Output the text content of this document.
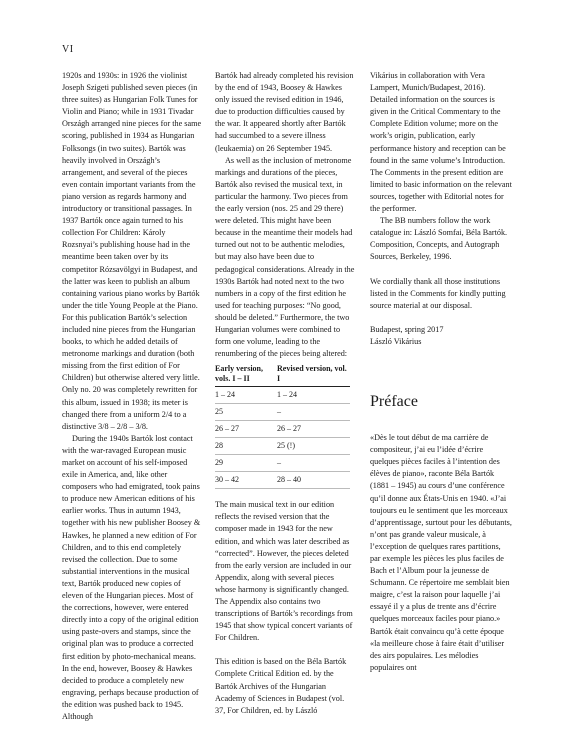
VI

1920s and 1930s: in 1926 the violinist Joseph Szigeti published seven pieces (in three suites) as Hungarian Folk Tunes for Violin and Piano; while in 1931 Tivadar Országh arranged nine pieces for the same scoring, published in 1934 as Hungarian Folksongs (in two suites). Bartók was heavily involved in Országh’s arrangement, and several of the pieces even contain important variants from the piano version as regards harmony and introductory or transitional passages. In 1937 Bartók once again turned to his collection For Children: Károly Rozsnyai’s publishing house had in the meantime been taken over by its competitor Rózsavölgyi in Budapest, and the latter was keen to publish an album containing various piano works by Bartók under the title Young People at the Piano. For this publication Bartók’s selection included nine pieces from the Hungarian books, to which he added details of metronome markings and duration (both missing from the first edition of For Children) but otherwise altered very little. Only no. 20 was completely rewritten for this album, issued in 1938; its meter is changed there from a uniform 2/4 to a distinctive 3/8 – 2/8 – 3/8.

During the 1940s Bartók lost contact with the war-ravaged European music market on account of his self-imposed exile in America, and, like other composers who had emigrated, took pains to produce new American editions of his earlier works. Thus in autumn 1943, together with his new publisher Boosey & Hawkes, he planned a new edition of For Children, and to this end completely revised the collection. Due to some substantial interventions in the musical text, Bartók produced new copies of eleven of the Hungarian pieces. Most of the corrections, however, were entered directly into a copy of the original edition using paste-overs and stamps, since the original plan was to produce a corrected first edition by photo-mechanical means. In the end, however, Boosey & Hawkes decided to produce a completely new engraving, perhaps because production of the edition was pushed back to 1945. Although

Bartók had already completed his revision by the end of 1943, Boosey & Hawkes only issued the revised edition in 1946, due to production difficulties caused by the war. It appeared shortly after Bartók had succumbed to a severe illness (leukaemia) on 26 September 1945.

As well as the inclusion of metronome markings and durations of the pieces, Bartók also revised the musical text, in particular the harmony. Two pieces from the early version (nos. 25 and 29 there) were deleted. This might have been because in the meantime their models had turned out not to be authentic melodies, but may also have been due to pedagogical considerations. Already in the 1930s Bartók had noted next to the two numbers in a copy of the first edition he used for teaching purposes: “No good, should be deleted.” Furthermore, the two Hungarian volumes were combined to form one volume, leading to the renumbering of the pieces being altered:

Early version, vols. I – II	Revised version, vol. I
1 – 24	1 – 24
25	–
26 – 27	26 – 27
28	25 (!)
29	–
30 – 42	28 – 40

The main musical text in our edition reflects the revised version that the composer made in 1943 for the new edition, and which was later described as “corrected”. However, the pieces deleted from the early version are included in our Appendix, along with several pieces whose harmony is significantly changed. The Appendix also contains two transcriptions of Bartók’s recordings from 1945 that show typical concert variants of For Children.

This edition is based on the Béla Bartók Complete Critical Edition ed. by the Bartók Archives of the Hungarian Academy of Sciences in Budapest (vol. 37, For Children, ed. by László

Vikárius in collaboration with Vera Lampert, Munich/Budapest, 2016). Detailed information on the sources is given in the Critical Commentary to the Complete Edition volume; more on the work’s origin, publication, early performance history and reception can be found in the same volume’s Introduction. The Comments in the present edition are limited to basic information on the relevant sources, together with Editorial notes for the performer.

The BB numbers follow the work catalogue in: László Somfai, Béla Bartók. Composition, Concepts, and Autograph Sources, Berkeley, 1996.

We cordially thank all those institutions listed in the Comments for kindly putting source material at our disposal.

Budapest, spring 2017

László Vikárius

Préface

«Dès le tout début de ma carrière de compositeur, j’ai eu l’idée d’écrire quelques pièces faciles à l’intention des élèves de piano», raconte Béla Bartók (1881 – 1945) au cours d’une conférence qu’il donne aux États-Unis en 1940. «J’ai toujours eu le sentiment que les morceaux d’apprentissage, surtout pour les débutants, n’ont pas grande valeur musicale, à l’exception de quelques rares partitions, par exemple les pièces les plus faciles de Bach et l’Album pour la jeunesse de Schumann. Ce répertoire me semblait bien maigre, c’est la raison pour laquelle j’ai essayé il y a plus de trente ans d’écrire quelques morceaux faciles pour piano.» Bartók était convaincu qu’à cette époque «la meilleure chose à faire était d’utiliser des airs populaires. Les mélodies populaires ont
